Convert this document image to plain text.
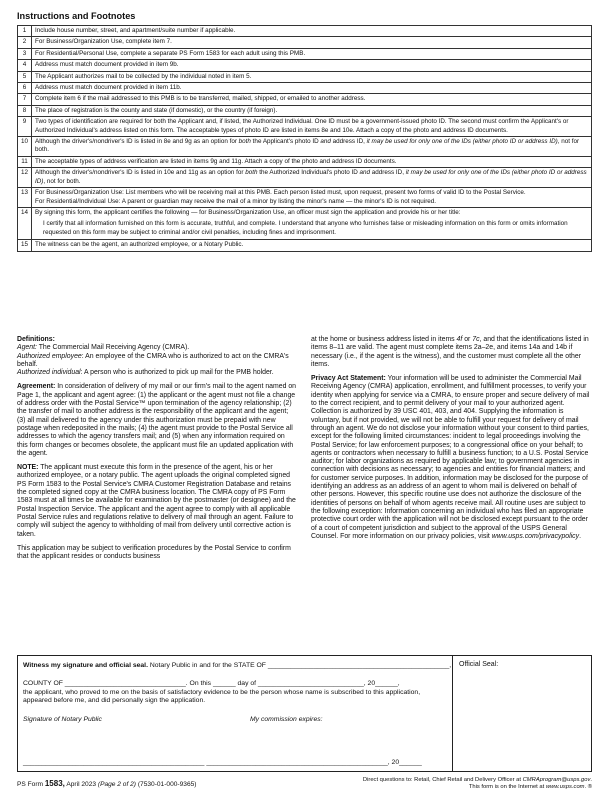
Instructions and Footnotes
1	Include house number, street, and apartment/suite number if applicable.
2	For Business/Organization Use, complete item 7.
3	For Residential/Personal Use, complete a separate PS Form 1583 for each adult using this PMB.
4	Address must match document provided in item 9b.
5	The Applicant authorizes mail to be collected by the individual noted in item 5.
6	Address must match document provided in item 11b.
7	Complete item 6 if the mail addressed to this PMB is to be transferred, mailed, shipped, or emailed to another address.
8	The place of registration is the county and state (if domestic), or the country (if foreign).
9	Two types of identification are required for both the Applicant and, if listed, the Authorized Individual. One ID must be a government-issued photo ID. The second must confirm the Applicant's or Authorized Individual's address listed on this form. The acceptable types of photo ID are listed in items 8e and 10e. Attach a copy of the photo and address ID documents.
10	Although the driver's/nondriver's ID is listed in 8e and 9g as an option for both the Applicant's photo ID and address ID, it may be used for only one of the IDs (either photo ID or address ID), not for both.
11	The acceptable types of address verification are listed in items 9g and 11g. Attach a copy of the photo and address ID documents.
12	Although the driver's/nondriver's ID is listed in 10e and 11g as an option for both the Authorized Individual's photo ID and address ID, it may be used for only one of the IDs (either photo ID or address ID), not for both.
13	For Business/Organization Use: List members who will be receiving mail at this PMB. Each person listed must, upon request, present two forms of valid ID to the Postal Service.
For Residential/Individual Use: A parent or guardian may receive the mail of a minor by listing the minor's name — the minor's ID is not required.

14	By signing this form, the applicant certifies the following — for Business/Organization Use, an officer must sign the application and provide his or her title:
I certify that all information furnished on this form is accurate, truthful, and complete. I understand that anyone who furnishes false or misleading information on this form or omits information requested on this form may be subject to criminal and/or civil penalties, including fines and imprisonment.

15	The witness can be the agent, an authorized employee, or a Notary Public.

Definitions:
Agent: The Commercial Mail Receiving Agency (CMRA).
Authorized employee: An employee of the CMRA who is authorized to act on the CMRA's behalf.
Authorized individual: A person who is authorized to pick up mail for the PMB holder.

Agreement: In consideration of delivery of my mail or our firm's mail to the agent named on Page 1, the applicant and agent agree: (1) the applicant or the agent must not file a change of address order with the Postal Service™ upon termination of the agency relationship; (2) the transfer of mail to another address is the responsibility of the applicant and the agent; (3) all mail delivered to the agency under this authorization must be prepaid with new postage when redeposited in the mails; (4) the agent must provide to the Postal Service all addresses to which the agency transfers mail; and (5) when any information required on this form changes or becomes obsolete, the applicant must file an updated application with the agent.

NOTE: The applicant must execute this form in the presence of the agent, his or her authorized employee, or a notary public. The agent uploads the original completed signed PS Form 1583 to the Postal Service's CMRA Customer Registration Database and retains the completed signed copy at the CMRA business location. The CMRA copy of PS Form 1583 must at all times be available for examination by the postmaster (or designee) and the Postal Inspection Service. The applicant and the agent agree to comply with all applicable Postal Service rules and regulations relative to delivery of mail through an agent. Failure to comply will subject the agency to withholding of mail from delivery until corrective action is taken.

This application may be subject to verification procedures by the Postal Service to confirm that the applicant resides or conducts business

at the home or business address listed in items 4f or 7c, and that the identifications listed in items 8–11 are valid. The agent must complete items 2a–2e, and items 14a and 14b if necessary (i.e., if the agent is the witness), and the customer must complete all the other items.

Privacy Act Statement: Your information will be used to administer the Commercial Mail Receiving Agency (CMRA) application, enrollment, and fulfillment processes, to verify your identity when applying for service via a CMRA, to ensure proper and secure delivery of mail to the correct recipient, and to permit delivery of your mail to your authorized agent. Collection is authorized by 39 USC 401, 403, and 404. Supplying the information is voluntary, but if not provided, we will not be able to fulfill your request for delivery of mail through an agent. We do not disclose your information without your consent to third parties, except for the following limited circumstances: incident to legal proceedings involving the Postal Service; for law enforcement purposes; to a congressional office on your behalf; to agents or contractors when necessary to fulfill a business function; to a U.S. Postal Service auditor; for labor organizations as required by applicable law; to government agencies in connection with decisions as necessary; to agencies and entities for financial matters; and for customer service purposes. In addition, information may be disclosed for the purpose of identifying an address as an address of an agent to whom mail is delivered on behalf of other persons. However, this specific routine use does not authorize the disclosure of the identities of persons on behalf of whom agents receive mail. All routine uses are subject to the following exception: Information concerning an individual who has filed an appropriate protective court order with the application will not be disclosed except pursuant to the order of a court of competent jurisdiction and subject to the approval of the USPS General Counsel. For more information on our privacy policies, visit www.usps.com/privacypolicy.

Witness my signature and official seal. Notary Public in and for the STATE OF ________________________________________________,
COUNTY OF ________________________________. On this ______ day of ____________________________, 20______,
the applicant, who proved to me on the basis of satisfactory evidence to be the person whose name is subscribed to this application, appeared before me, and did personally sign the application.
Signature of Notary Public	My commission expires:
________________________________________________ ________________________________________________, 20______
Official Seal:
PS Form 1583, April 2023 (Page 2 of 2) (7530-01-000-9365)
Direct questions to: Retail, Chief Retail and Delivery Officer at CMRAprogram@usps.gov.
This form is on the Internet at www.usps.com. ®
